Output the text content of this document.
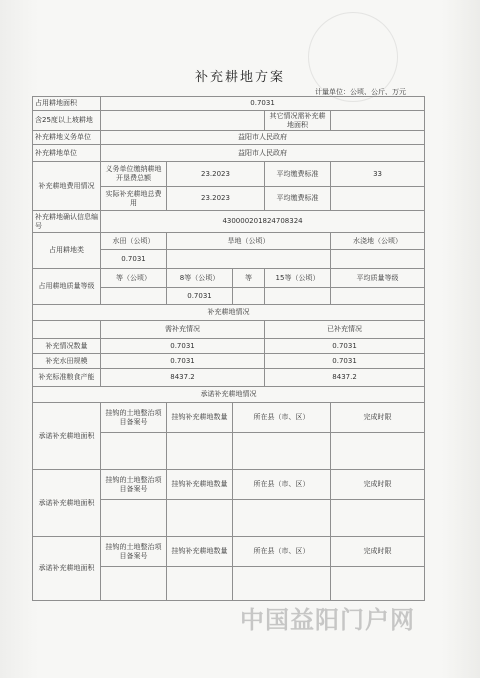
补充耕地方案
计量单位：公顷、公斤、万元
占用耕地面积	0.7031				
含25度以上坡耕地				其它情况需补充耕地面积	
补充耕地义务单位	益阳市人民政府				
补充耕地单位	益阳市人民政府				
补充耕地费用情况	义务单位缴纳耕地开垦费总额	23.2023		平均缴费标准	33
	实际补充耕地总费用	23.2023		平均缴费标准	
补充耕地确认信息编号	4300002018247083​24				
占用耕地类	水田（公顷）	旱地（公顷）			水浇地（公顷）
	0.7031				
占用耕地质量等级	等（公顷）	8等（公顷）	等	15等（公顷）	平均质量等级
		0.7031			
补充耕地情况					
	需补充情况			已补充情况	
补充情况数量	0.7031			0.7031	
补充水田规模	0.7031			0.7031	
补充标准粮食产能	8437.2			8437.2	
承诺补充耕地情况					
承诺补充耕地面积	挂钩的土地整治项目备案号	挂钩补充耕地数量	所在县（市、区）		完成时限

承诺补充耕地面积	挂钩的土地整治项目备案号	挂钩补充耕地数量	所在县（市、区）		完成时限

承诺补充耕地面积	挂钩的土地整治项目备案号	挂钩补充耕地数量	所在县（市、区）		完成时限

中国益阳门户网
